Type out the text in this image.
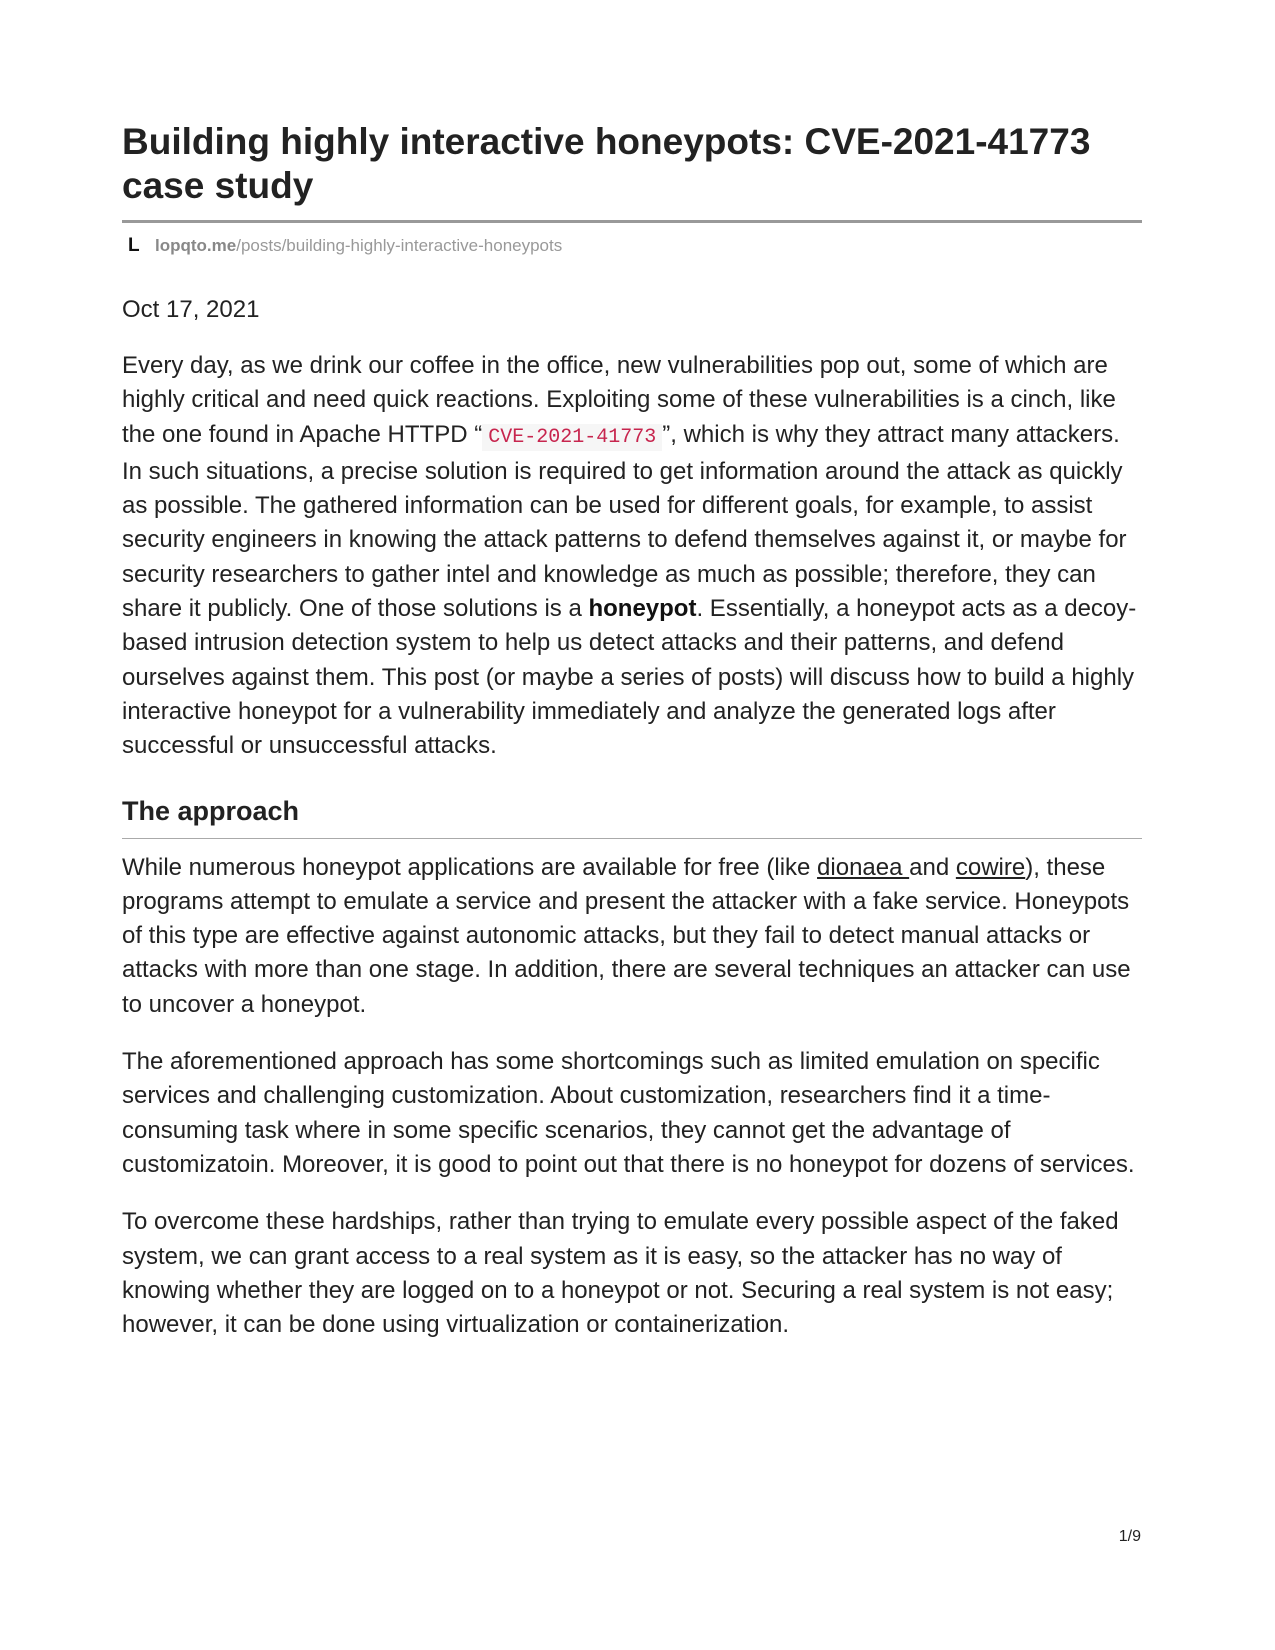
Building highly interactive honeypots: CVE-2021-41773 case study
L lopqto.me /posts/building-highly-interactive-honeypots
Oct 17, 2021

Every day, as we drink our coffee in the office, new vulnerabilities pop out, some of which are highly critical and need quick reactions. Exploiting some of these vulnerabilities is a cinch, like the one found in Apache HTTPD “ CVE-2021-41773 ”, which is why they attract many attackers. In such situations, a precise solution is required to get information around the attack as quickly as possible. The gathered information can be used for different goals, for example, to assist security engineers in knowing the attack patterns to defend themselves against it, or maybe for security researchers to gather intel and knowledge as much as possible; therefore, they can share it publicly. One of those solutions is a honeypot. Essentially, a honeypot acts as a decoy-based intrusion detection system to help us detect attacks and their patterns, and defend ourselves against them. This post (or maybe a series of posts) will discuss how to build a highly interactive honeypot for a vulnerability immediately and analyze the generated logs after successful or unsuccessful attacks.

The approach

While numerous honeypot applications are available for free (like dionaea and cowire), these programs attempt to emulate a service and present the attacker with a fake service. Honeypots of this type are effective against autonomic attacks, but they fail to detect manual attacks or attacks with more than one stage. In addition, there are several techniques an attacker can use to uncover a honeypot.

The aforementioned approach has some shortcomings such as limited emulation on specific services and challenging customization. About customization, researchers find it a time-consuming task where in some specific scenarios, they cannot get the advantage of customizatoin. Moreover, it is good to point out that there is no honeypot for dozens of services.

To overcome these hardships, rather than trying to emulate every possible aspect of the faked system, we can grant access to a real system as it is easy, so the attacker has no way of knowing whether they are logged on to a honeypot or not. Securing a real system is not easy; however, it can be done using virtualization or containerization.

1/9
